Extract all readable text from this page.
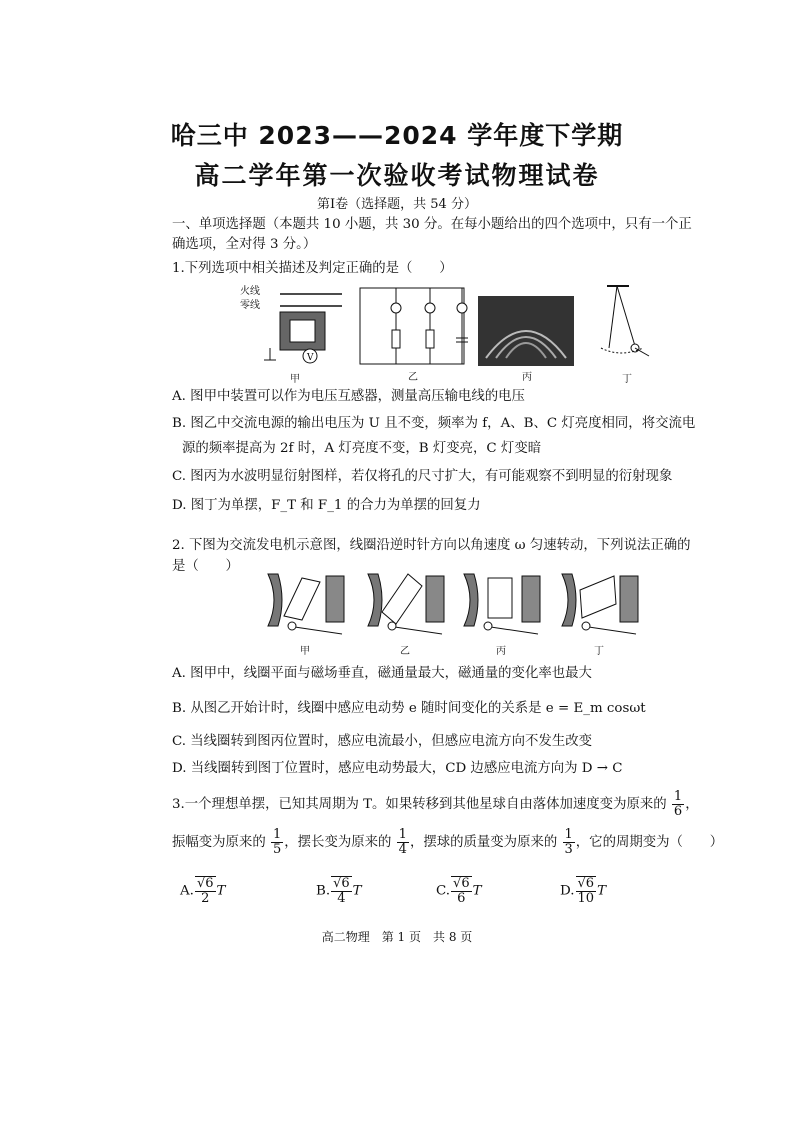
哈三中 2023——2024 学年度下学期
高二学年第一次验收考试物理试卷
第Ⅰ卷（选择题，共 54 分）
一、单项选择题（本题共 10 小题，共 30 分。在每小题给出的四个选项中，只有一个正
确选项，全对得 3 分。）
1.下列选项中相关描述及判定正确的是（　　）
V
火线
零线
甲	乙	丙	丁
A. 图甲中装置可以作为电压互感器，测量高压输电线的电压
B. 图乙中交流电源的输出电压为 U 且不变，频率为 f，A、B、C 灯亮度相同，将交流电
源的频率提高为 2f 时，A 灯亮度不变，B 灯变亮，C 灯变暗
C. 图丙为水波明显衍射图样，若仅将孔的尺寸扩大，有可能观察不到明显的衍射现象
D. 图丁为单摆，F_T 和 F_1 的合力为单摆的回复力
2. 下图为交流发电机示意图，线圈沿逆时针方向以角速度 ω 匀速转动，下列说法正确的
是（　　）
甲	乙	丙	丁
A. 图甲中，线圈平面与磁场垂直，磁通量最大，磁通量的变化率也最大
B. 从图乙开始计时，线圈中感应电动势 e 随时间变化的关系是 e = E_m cosωt
C. 当线圈转到图丙位置时，感应电流最小，但感应电流方向不发生改变
D. 当线圈转到图丁位置时，感应电动势最大，CD 边感应电流方向为 D → C
3.一个理想单摆，已知其周期为 T。如果转移到其他星球自由落体加速度变为原来的 $\frac{1}{6}$ ，
振幅变为原来的 $\frac{1}{5}$ ，摆长变为原来的 $\frac{1}{4}$ ，摆球的质量变为原来的 $\frac{1}{3}$ ，它的周期变为（　　）
A. $\frac{√6}{2}$ T	B. $\frac{√6}{4}$ T	C. $\frac{√6}{6}$ T	D. $\frac{√6}{10}$ T
高二物理　第 1 页　共 8 页
